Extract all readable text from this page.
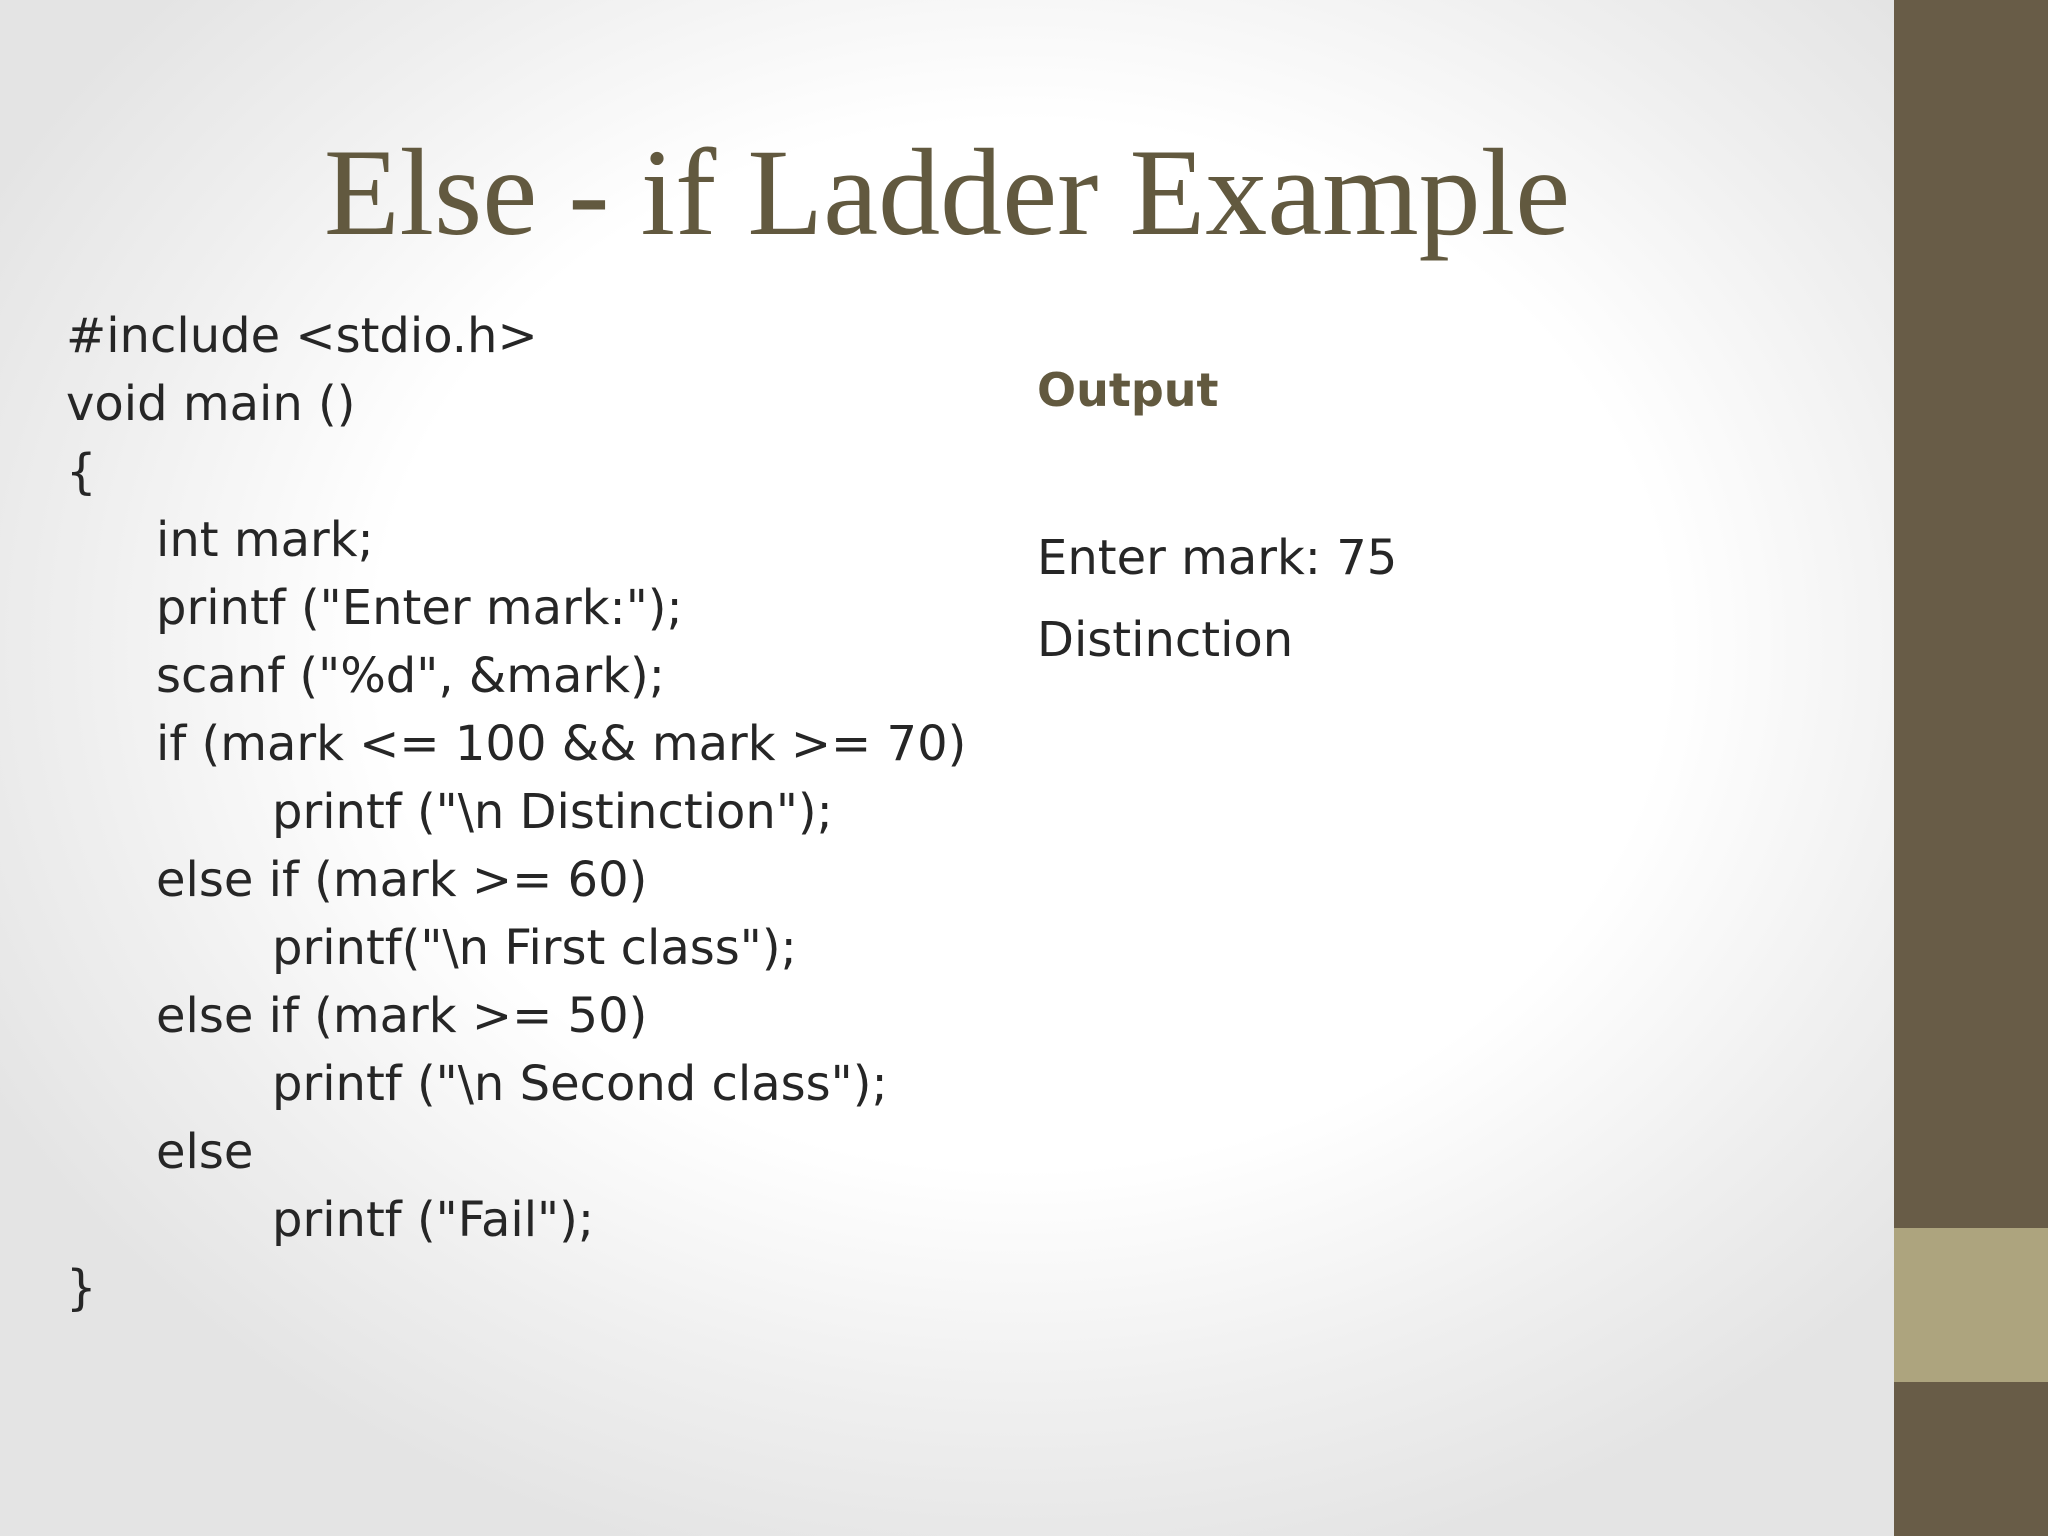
Else - if Ladder Example
#include <stdio.h>
void main ()
{
int mark;
printf ("Enter mark:");
scanf ("%d", &mark);
if (mark <= 100 && mark >= 70)
printf ("\n Distinction");
else if (mark >= 60)
printf("\n First class");
else if (mark >= 50)
printf ("\n Second class");
else
printf ("Fail");
}
Output
Enter mark: 75
Distinction
